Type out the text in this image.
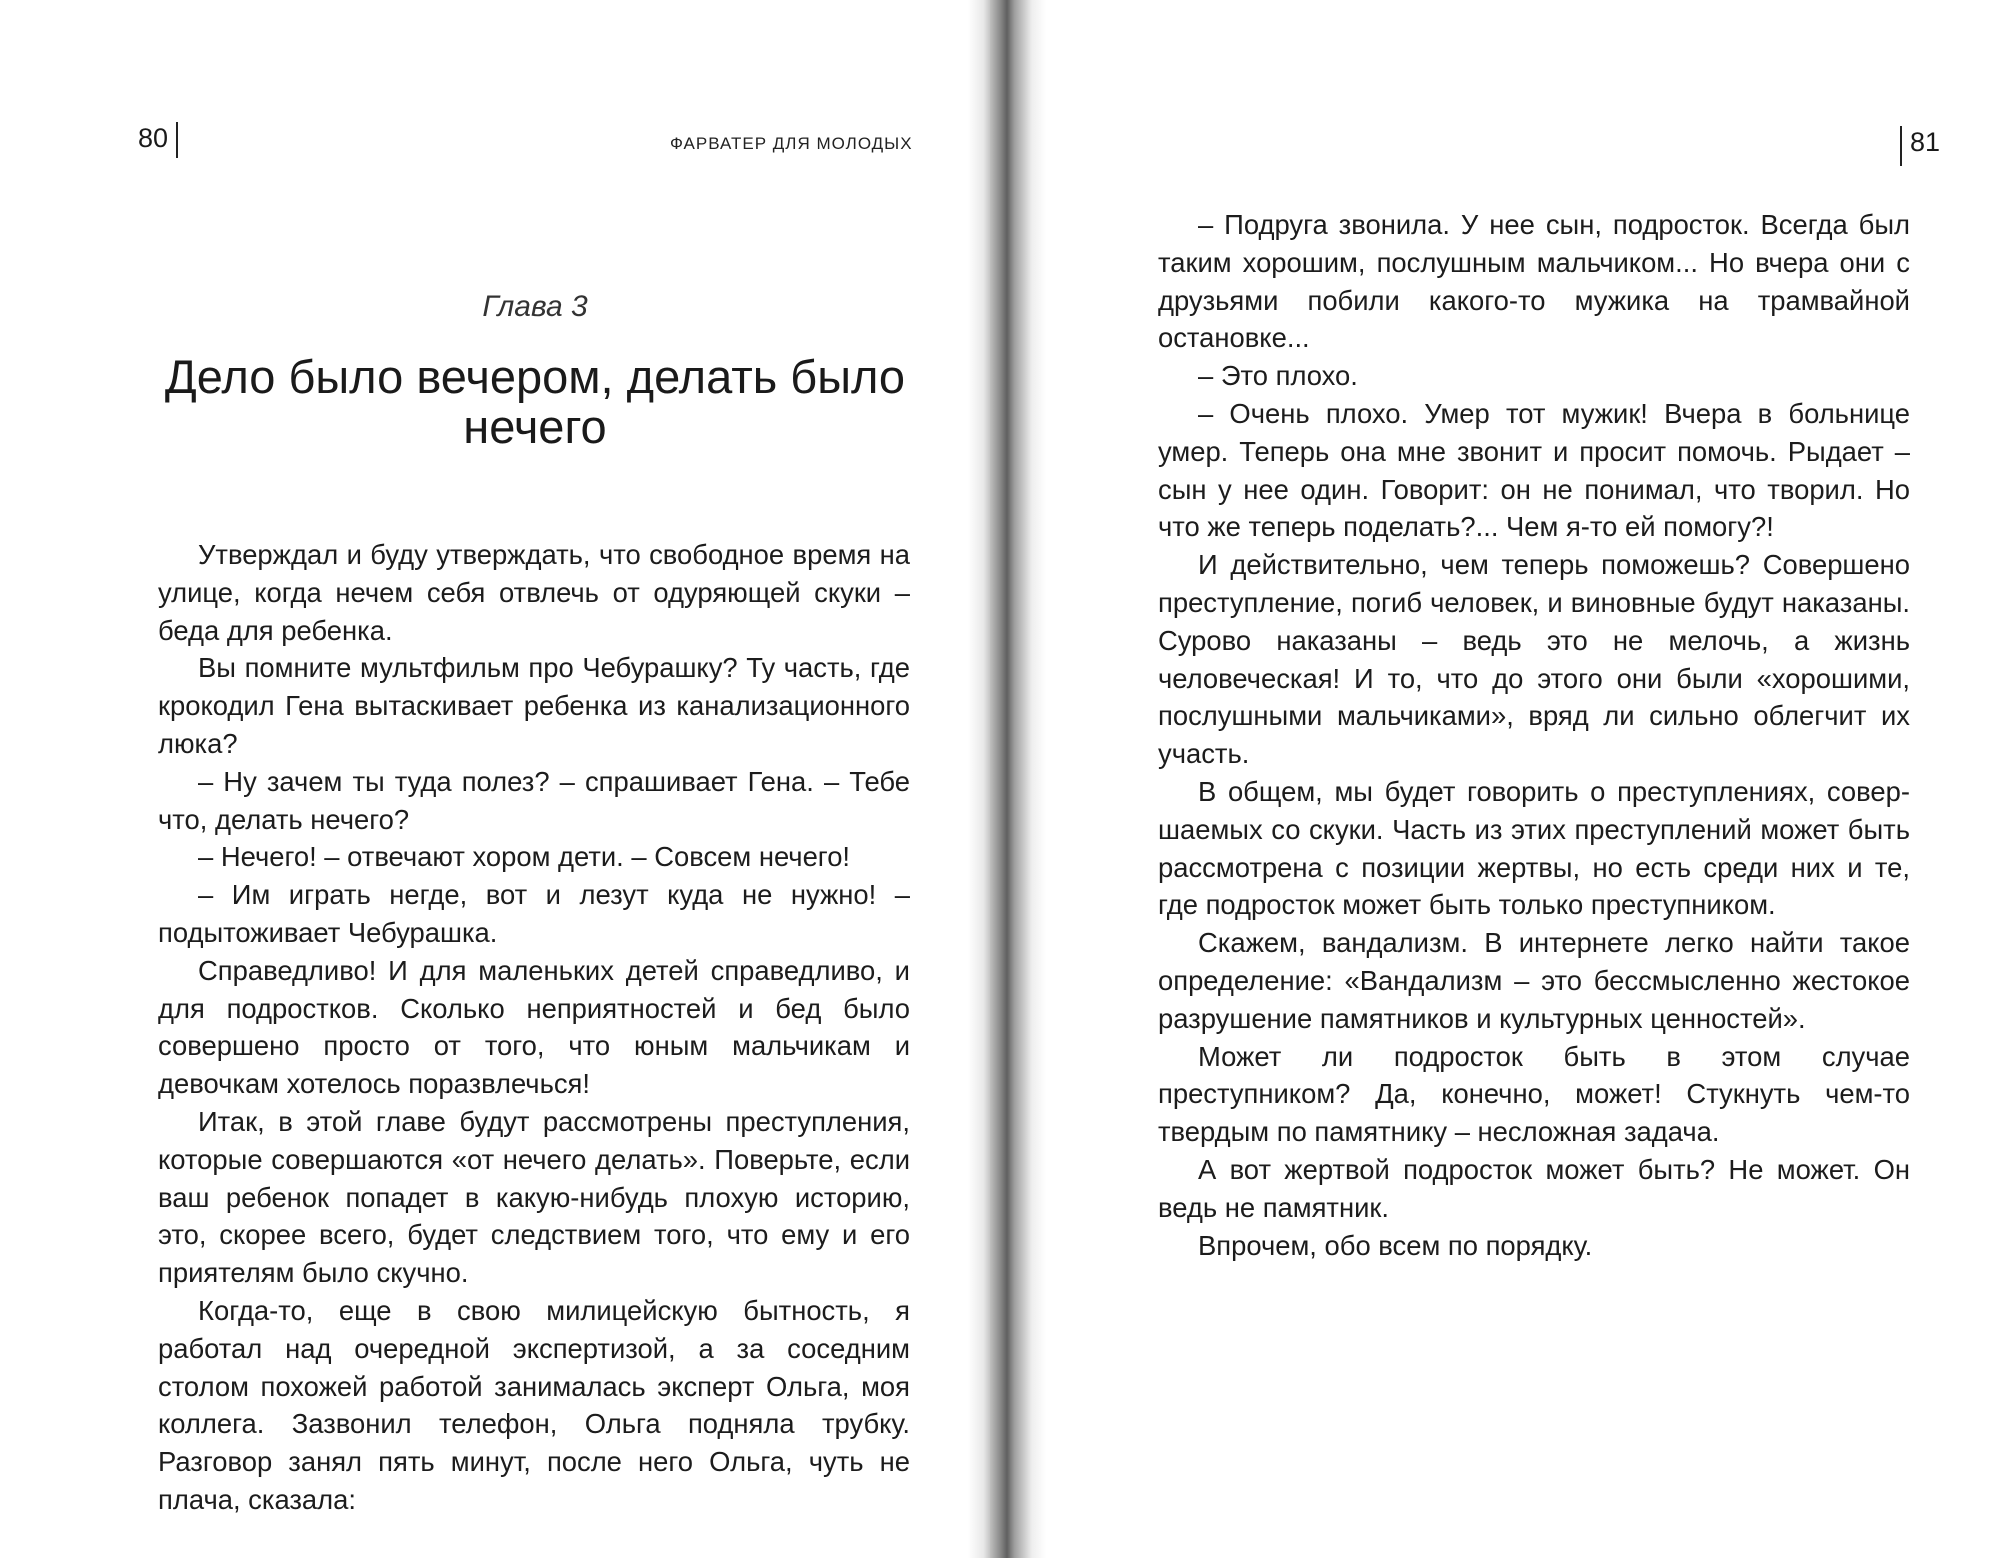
80	ФАРВАТЕР ДЛЯ МОЛОДЫХ
Глава 3
Дело было вечером, делать было нечего

Утверждал и буду утверждать, что свободное время на улице, когда нечем себя отвлечь от одуряющей скуки – беда для ребенка.

Вы помните мультфильм про Чебурашку? Ту часть, где крокодил Гена вытаскивает ребенка из канализационного люка?

– Ну зачем ты туда полез? – спрашивает Гена. – Тебе что, делать нечего?

– Нечего! – отвечают хором дети. – Совсем нечего!

– Им играть негде, вот и лезут куда не нужно! – подытоживает Чебурашка.

Справедливо! И для маленьких детей справедливо, и для подростков. Сколько неприятностей и бед было совершено просто от того, что юным мальчикам и девочкам хотелось поразвлечься!

Итак, в этой главе будут рассмотрены преступления, которые совершаются «от нечего делать». Поверьте, если ваш ребенок попадет в какую-нибудь плохую историю, это, скорее всего, будет следствием того, что ему и его приятелям было скучно.

Когда-то, еще в свою милицейскую бытность, я работал над очередной экспертизой, а за соседним столом похожей работой занималась эксперт Ольга, моя коллега. Зазвонил телефон, Ольга подняла трубку. Разговор занял пять минут, после него Ольга, чуть не плача, сказала:

81

– Подруга звонила. У нее сын, подросток. Всегда был таким хорошим, послушным мальчиком... Но вчера они с друзьями побили какого-то мужика на трамвайной остановке...

– Это плохо.

– Очень плохо. Умер тот мужик! Вчера в больнице умер. Теперь она мне звонит и просит помочь. Рыдает – сын у нее один. Говорит: он не понимал, что творил. Но что же теперь поделать?... Чем я-то ей помогу?!

И действительно, чем теперь поможешь? Совершено преступление, погиб человек, и виновные будут наказаны. Сурово наказаны – ведь это не мелочь, а жизнь человеческая! И то, что до этого они были «хорошими, послушными мальчиками», вряд ли сильно облегчит их участь.

В общем, мы будет говорить о преступлениях, совершаемых со скуки. Часть из этих преступлений может быть рассмотрена с позиции жертвы, но есть среди них и те, где подросток может быть только преступником.

Скажем, вандализм. В интернете легко найти такое определение: «Вандализм – это бессмысленно жестокое разрушение памятников и культурных ценностей».

Может ли подросток быть в этом случае преступником? Да, конечно, может! Стукнуть чем-то твердым по памятнику – несложная задача.

А вот жертвой подросток может быть? Не может. Он ведь не памятник.

Впрочем, обо всем по порядку.
